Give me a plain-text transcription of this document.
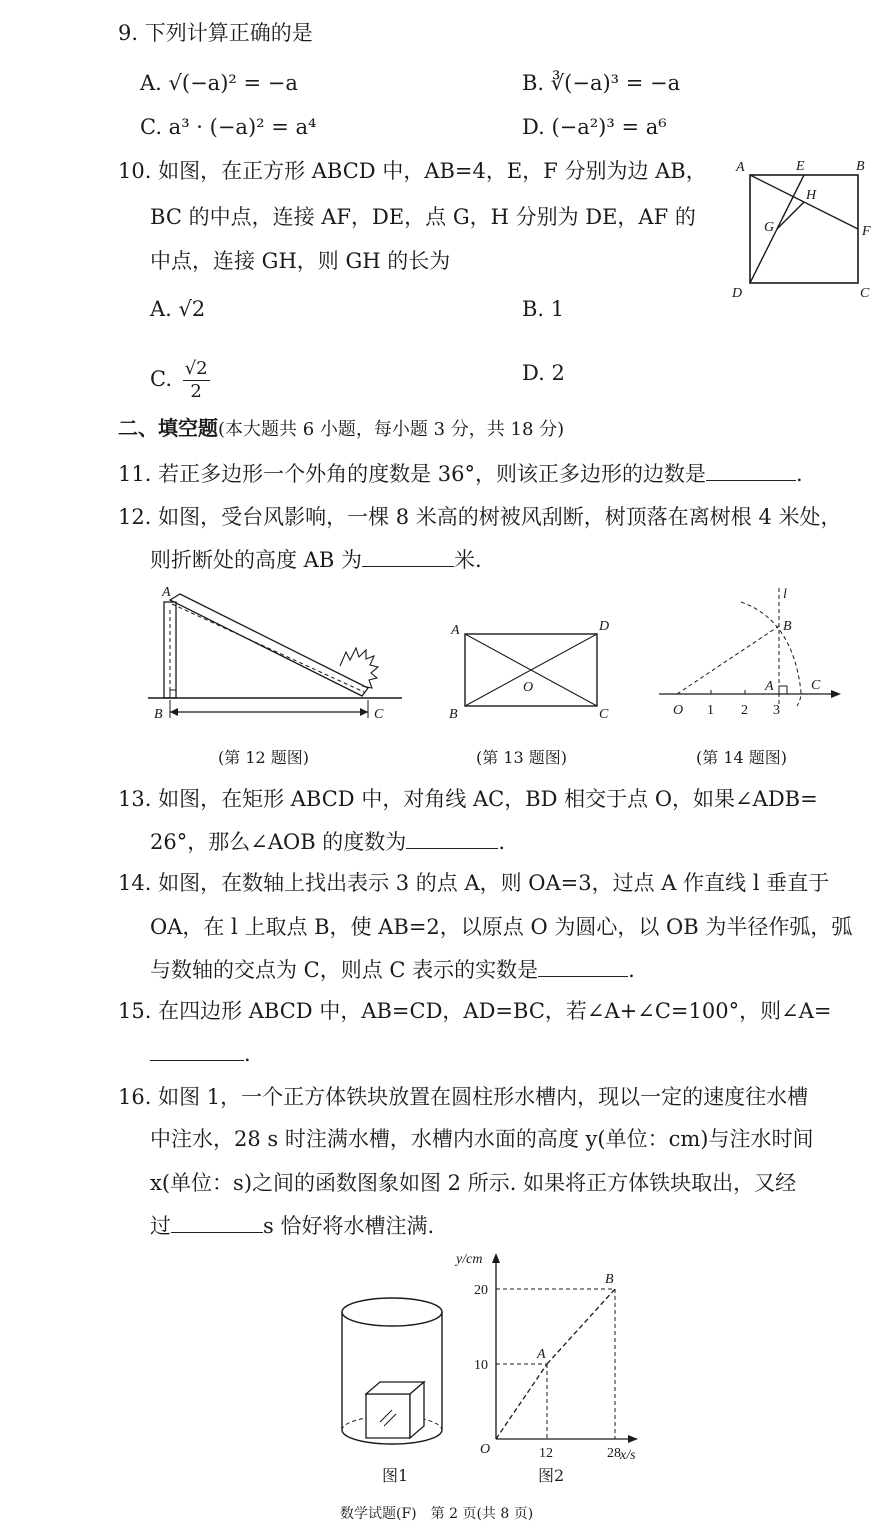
9. 下列计算正确的是
A. √(−a)² = −a	B. ∛(−a)³ = −a
C. a³ · (−a)² = a⁴	D. (−a²)³ = a⁶
10. 如图，在正方形 ABCD 中，AB=4，E，F 分别为边 AB，
BC 的中点，连接 AF，DE，点 G，H 分别为 DE，AF 的
中点，连接 GH，则 GH 的长为
A. √2	B. 1
C. $\frac{√2}{2}$	D. 2
A	E	B
H
G	F
D	C
二、填空题(本大题共 6 小题，每小题 3 分，共 18 分)
11. 若正多边形一个外角的度数是 36°，则该正多边形的边数是	.
12. 如图，受台风影响，一棵 8 米高的树被风刮断，树顶落在离树根 4 米处，
则折断处的高度 AB 为	米.
A
B	C
(第 12 题图)
A	D
O
B	C
(第 13 题图)
l
B
A	C
O 1 2 3
(第 14 题图)
13. 如图，在矩形 ABCD 中，对角线 AC，BD 相交于点 O，如果∠ADB=
26°，那么∠AOB 的度数为	.
14. 如图，在数轴上找出表示 3 的点 A，则 OA=3，过点 A 作直线 l 垂直于
OA，在 l 上取点 B，使 AB=2，以原点 O 为圆心，以 OB 为半径作弧，弧
与数轴的交点为 C，则点 C 表示的实数是	.
15. 在四边形 ABCD 中，AB=CD，AD=BC，若∠A+∠C=100°，则∠A=
.
16. 如图 1，一个正方体铁块放置在圆柱形水槽内，现以一定的速度往水槽
中注水，28 s 时注满水槽，水槽内水面的高度 y(单位：cm)与注水时间
x(单位：s)之间的函数图象如图 2 所示. 如果将正方体铁块取出，又经
过	s 恰好将水槽注满.
图1
y/cm
x/s
O	12	28
10
20
A
B
图2
数学试题(F)　第 2 页(共 8 页)
